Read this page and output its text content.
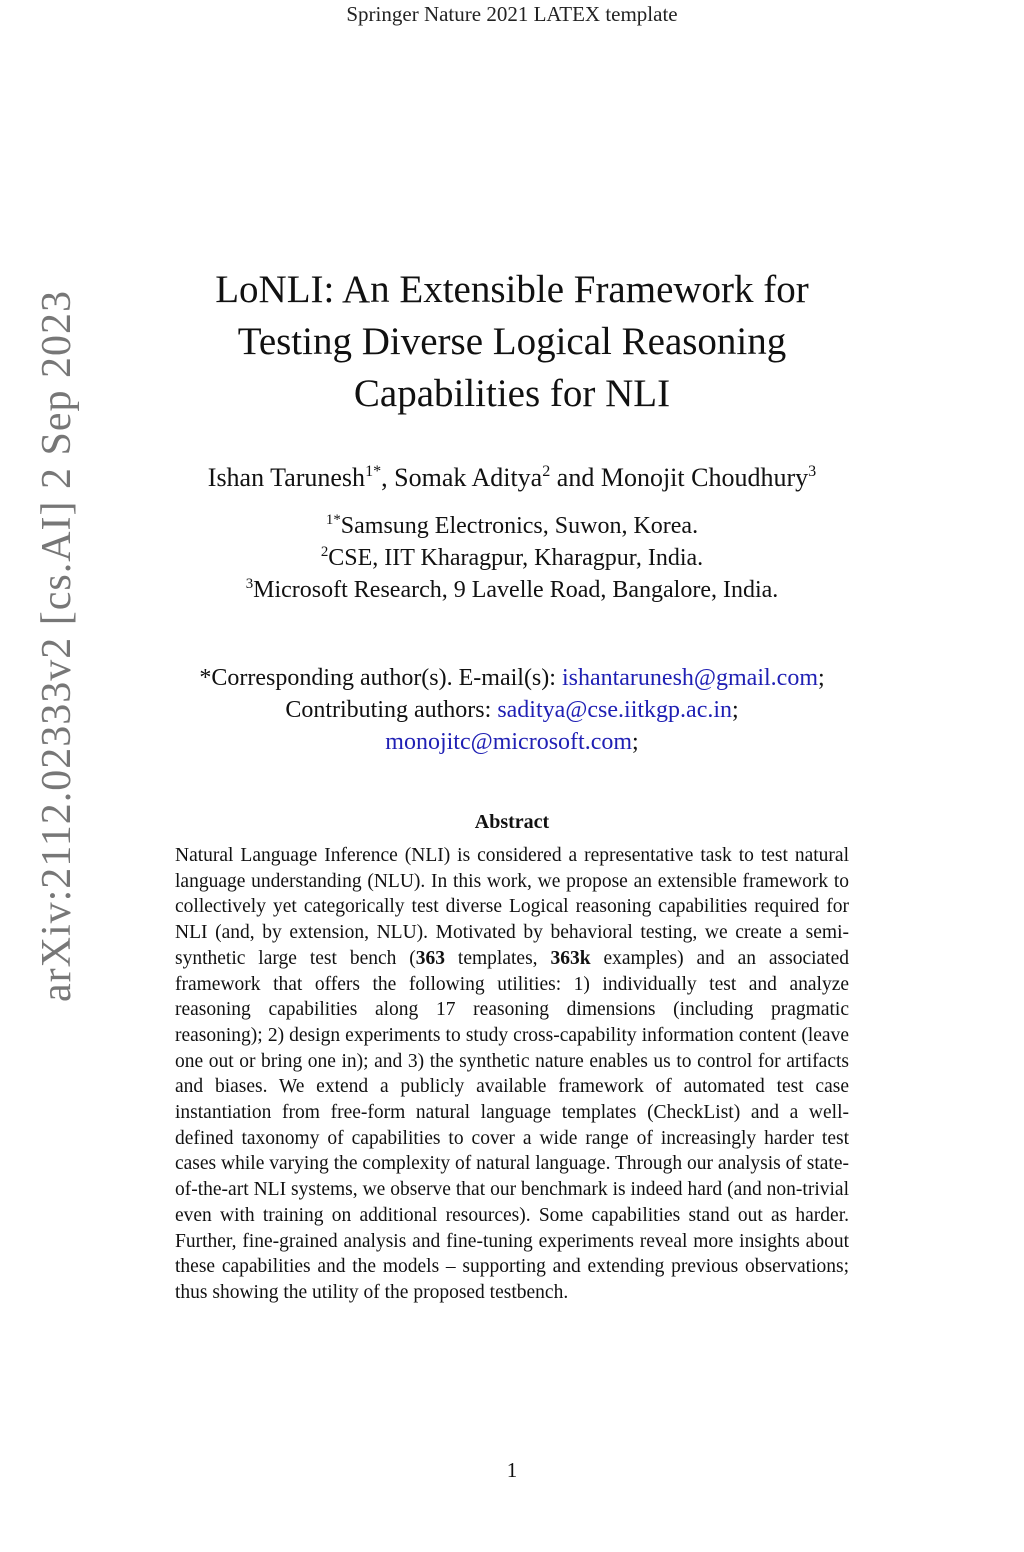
Springer Nature 2021 LATEX template
arXiv:2112.02333v2 [cs.AI] 2 Sep 2023
LoNLI: An Extensible Framework for
Testing Diverse Logical Reasoning
Capabilities for NLI
Ishan Tarunesh$^{1*}$, Somak Aditya$^2$ and Monojit Choudhury$^3$
$^{1*}$Samsung Electronics, Suwon, Korea.
$^2$CSE, IIT Kharagpur, Kharagpur, India.
$^3$Microsoft Research, 9 Lavelle Road, Bangalore, India.
*Corresponding author(s). E-mail(s): ishantarunesh@gmail.com;
Contributing authors: saditya@cse.iitkgp.ac.in;
monojitc@microsoft.com;
Abstract

Natural Language Inference (NLI) is considered a representative task to test natural language understanding (NLU). In this work, we propose an extensible framework to collectively yet categorically test diverse Logical reasoning capabilities required for NLI (and, by extension, NLU). Motivated by behavioral testing, we create a semi-synthetic large test bench (363 templates, 363k examples) and an associated framework that offers the following utilities: 1) individually test and analyze reasoning capabilities along 17 reasoning dimensions (including pragmatic reasoning); 2) design experiments to study cross-capability information content (leave one out or bring one in); and 3) the synthetic nature enables us to control for artifacts and biases. We extend a publicly available framework of automated test case instantiation from free-form natural language templates (CheckList) and a well-defined taxonomy of capabilities to cover a wide range of increasingly harder test cases while varying the complexity of natural language. Through our analysis of state-of-the-art NLI systems, we observe that our benchmark is indeed hard (and non-trivial even with training on additional resources). Some capabilities stand out as harder. Further, fine-grained analysis and fine-tuning experiments reveal more insights about these capabilities and the models – supporting and extending previous observations; thus showing the utility of the proposed testbench.

1
